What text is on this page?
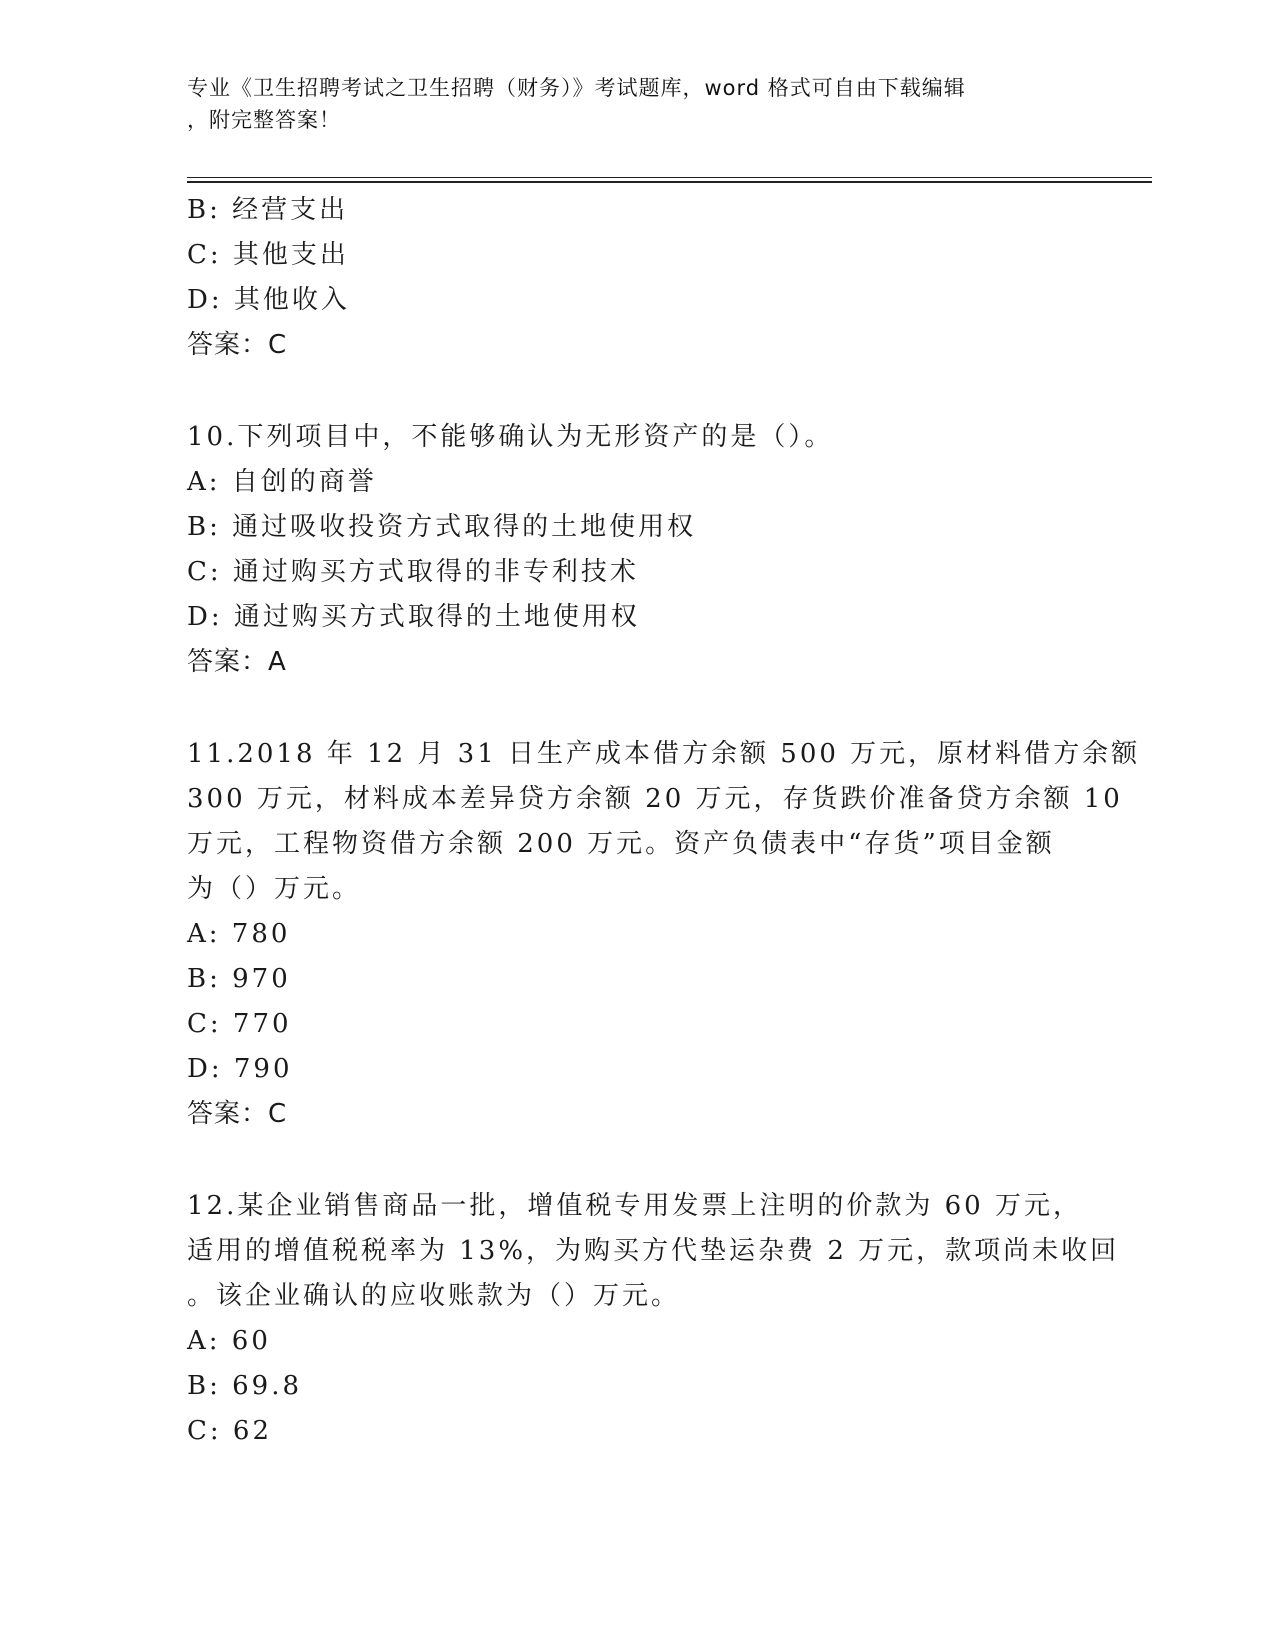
专业《卫生招聘考试之卫生招聘（财务）》考试题库，word 格式可自由下载编辑
，附完整答案！
B: 经营支出
C: 其他支出
D: 其他收入
答案：C
10.下列项目中，不能够确认为无形资产的是（）。
A: 自创的商誉
B: 通过吸收投资方式取得的土地使用权
C: 通过购买方式取得的非专利技术
D: 通过购买方式取得的土地使用权
答案：A
11.2018 年 12 月 31 日生产成本借方余额 500 万元，原材料借方余额
300 万元，材料成本差异贷方余额 20 万元，存货跌价准备贷方余额 10
万元，工程物资借方余额 200 万元。资产负债表中“存货”项目金额
为（）万元。
A: 780
B: 970
C: 770
D: 790
答案：C
12.某企业销售商品一批，增值税专用发票上注明的价款为 60 万元，
适用的增值税税率为 13%，为购买方代垫运杂费 2 万元，款项尚未收回
。该企业确认的应收账款为（）万元。
A: 60
B: 69.8
C: 62
